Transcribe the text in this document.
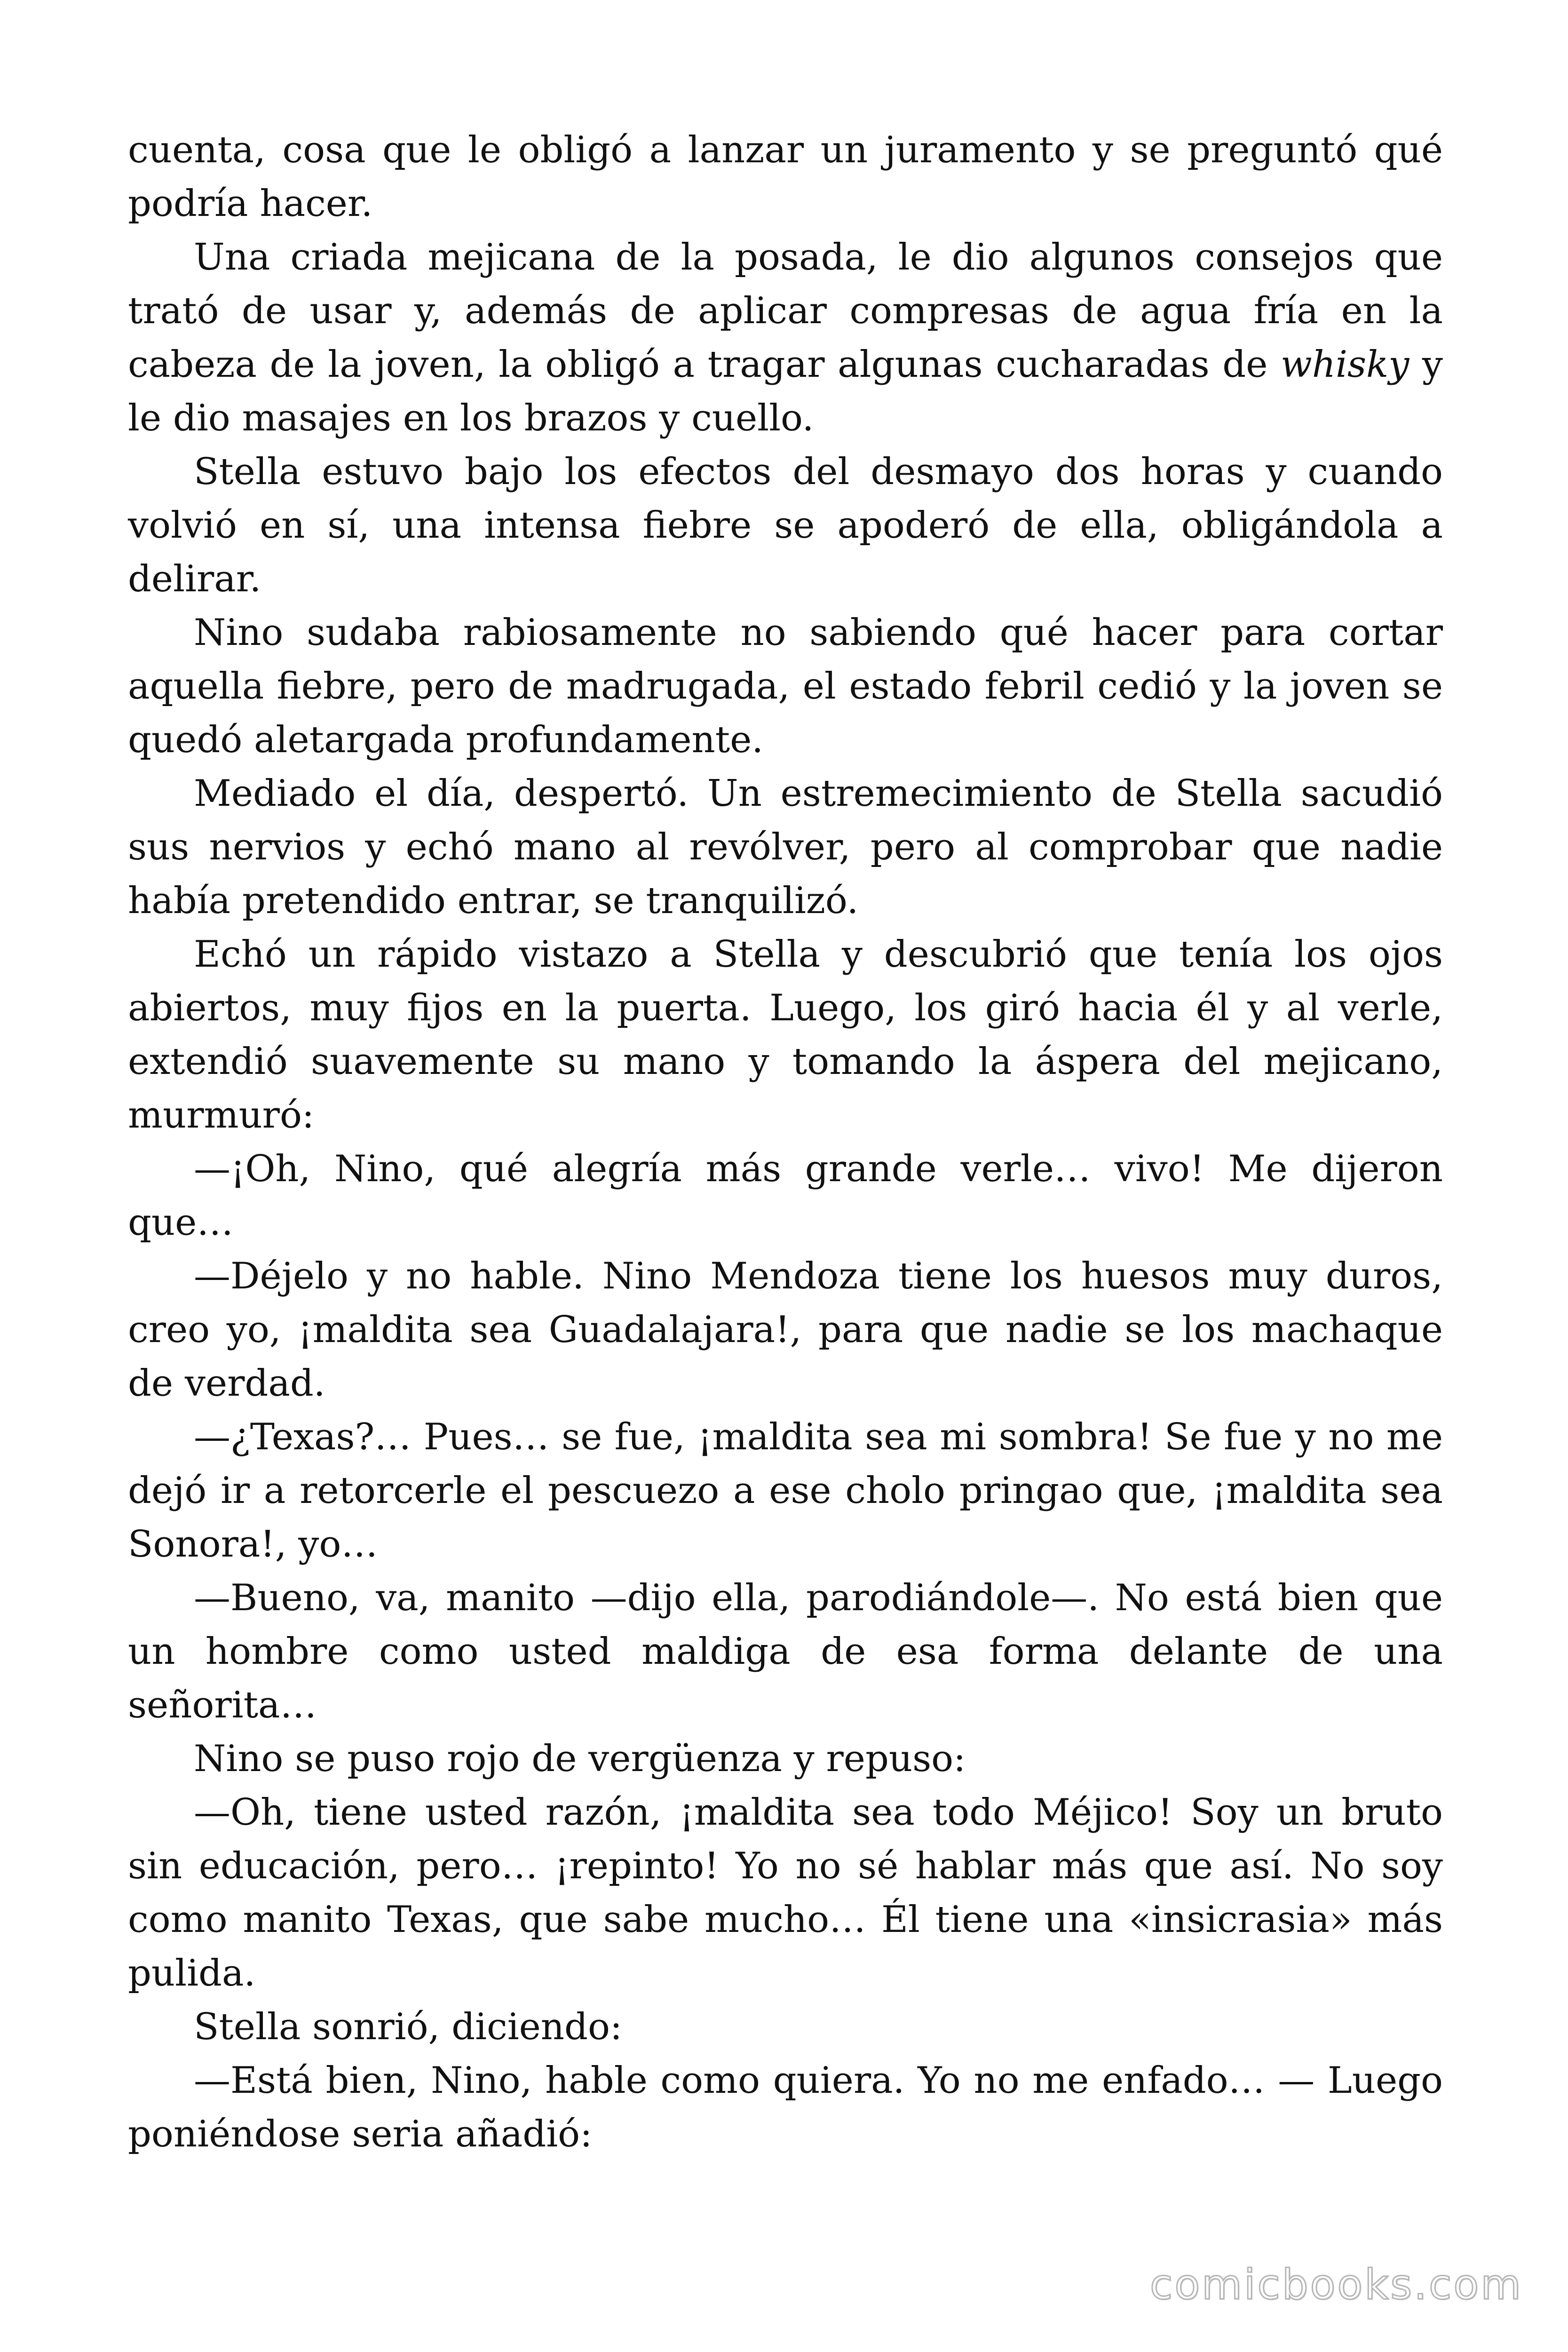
cuenta, cosa que le obligó a lanzar un juramento y se preguntó qué podría hacer.

Una criada mejicana de la posada, le dio algunos consejos que trató de usar y, además de aplicar compresas de agua fría en la cabeza de la joven, la obligó a tragar algunas cucharadas de whisky y le dio masajes en los brazos y cuello.

Stella estuvo bajo los efectos del desmayo dos horas y cuando volvió en sí, una intensa fiebre se apoderó de ella, obligándola a delirar.

Nino sudaba rabiosamente no sabiendo qué hacer para cortar aquella fiebre, pero de madrugada, el estado febril cedió y la joven se quedó aletargada profundamente.

Mediado el día, despertó. Un estremecimiento de Stella sacudió sus nervios y echó mano al revólver, pero al comprobar que nadie había pretendido entrar, se tranquilizó.

Echó un rápido vistazo a Stella y descubrió que tenía los ojos abiertos, muy fijos en la puerta. Luego, los giró hacia él y al verle, extendió suavemente su mano y tomando la áspera del mejicano, murmuró:

—¡Oh, Nino, qué alegría más grande verle… vivo! Me dijeron que…

—Déjelo y no hable. Nino Mendoza tiene los huesos muy duros, creo yo, ¡maldita sea Guadalajara!, para que nadie se los machaque de verdad.

—¿Texas?… Pues… se fue, ¡maldita sea mi sombra! Se fue y no me dejó ir a retorcerle el pescuezo a ese cholo pringao que, ¡maldita sea Sonora!, yo…

—Bueno, va, manito —dijo ella, parodiándole—. No está bien que un hombre como usted maldiga de esa forma delante de una señorita…

Nino se puso rojo de vergüenza y repuso:

—Oh, tiene usted razón, ¡maldita sea todo Méjico! Soy un bruto sin educación, pero… ¡repinto! Yo no sé hablar más que así. No soy como manito Texas, que sabe mucho… Él tiene una «insicrasia» más pulida.

Stella sonrió, diciendo:

—Está bien, Nino, hable como quiera. Yo no me enfado… — Luego poniéndose seria añadió:

comicbooks.com
